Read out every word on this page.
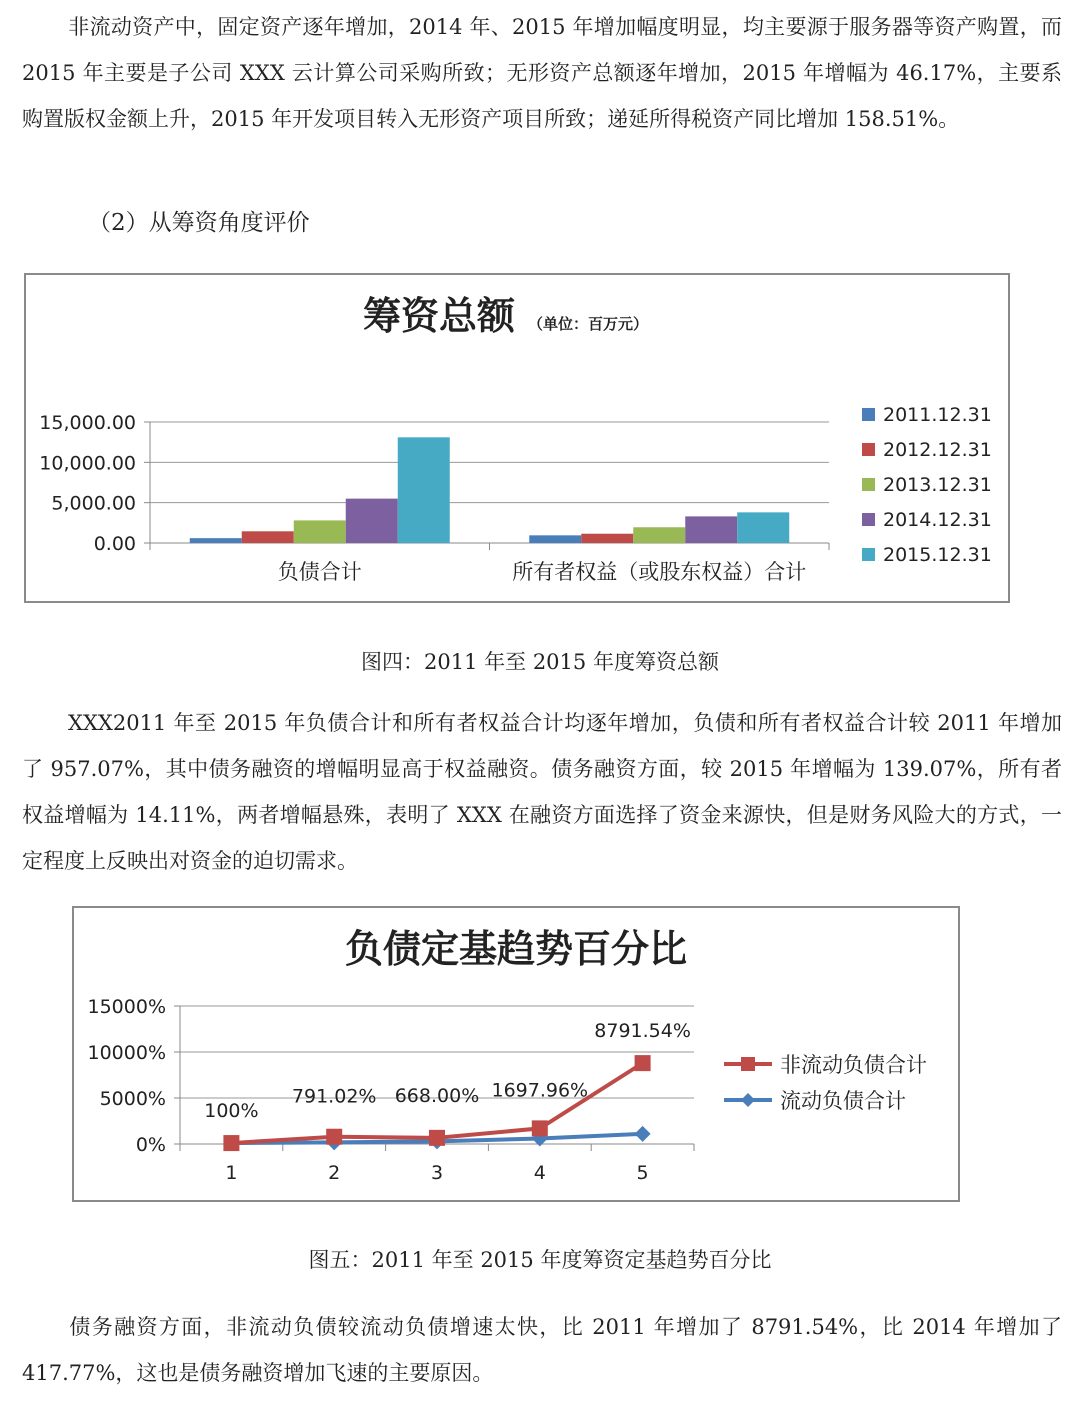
非流动资产中，固定资产逐年增加，2014 年、2015 年增加幅度明显，均主要源于服务器等资产购置，而 2015 年主要是子公司 XXX 云计算公司采购所致；无形资产总额逐年增加，2015 年增幅为 46.17%，主要系购置版权金额上升，2015 年开发项目转入无形资产项目所致；递延所得税资产同比增加 158.51%。

（2）从筹资角度评价

筹资总额 （单位：百万元）
15,000.00
10,000.00
5,000.00
0.00
负债合计	所有者权益（或股东权益）合计
2011.12.31
2012.12.31
2013.12.31
2014.12.31
2015.12.31
图四：2011 年至 2015 年度筹资总额

XXX2011 年至 2015 年负债合计和所有者权益合计均逐年增加，负债和所有者权益合计较 2011 年增加了 957.07%，其中债务融资的增幅明显高于权益融资。债务融资方面，较 2015 年增幅为 139.07%，所有者权益增幅为 14.11%，两者增幅悬殊，表明了 XXX 在融资方面选择了资金来源快，但是财务风险大的方式，一定程度上反映出对资金的迫切需求。

负债定基趋势百分比
15000%
10000%
5000%
0%
1	2	3	4	5
100%
791.02% 668.00% 1697.96%
8791.54%
非流动负债合计
流动负债合计
图五：2011 年至 2015 年度筹资定基趋势百分比

债务融资方面，非流动负债较流动负债增速太快，比 2011 年增加了 8791.54%，比 2014 年增加了 417.77%，这也是债务融资增加飞速的主要原因。
